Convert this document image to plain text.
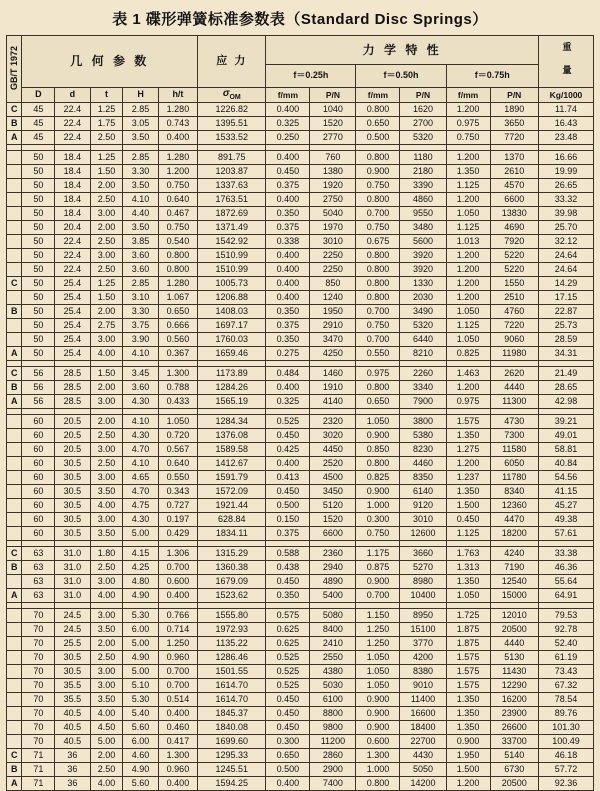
表 1 碟形弹簧标准参数表（Standard Disc Springs）
GB/T 1972	几 何 参 数					应 力	力 学 特 性						重 量
							f＝0.25h		f＝0.50h		f＝0.75h		
	D	d	t	H	h/t	$\sigma_{OM}$	f/mm	P/N	f/mm	P/N	f/mm	P/N	Kg/1000
C	45	22.4	1.25	2.85	1.280	1226.82	0.400	1040	0.800	1620	1.200	1890	11.74
B	45	22.4	1.75	3.05	0.743	1395.51	0.325	1520	0.650	2700	0.975	3650	16.43
A	45	22.4	2.50	3.50	0.400	1533.52	0.250	2770	0.500	5320	0.750	7720	23.48

	50	18.4	1.25	2.85	1.280	891.75	0.400	760	0.800	1180	1.200	1370	16.66
	50	18.4	1.50	3.30	1.200	1203.87	0.450	1380	0.900	2180	1.350	2610	19.99
	50	18.4	2.00	3.50	0.750	1337.63	0.375	1920	0.750	3390	1.125	4570	26.65
	50	18.4	2.50	4.10	0.640	1763.51	0.400	2750	0.800	4860	1.200	6600	33.32
	50	18.4	3.00	4.40	0.467	1872.69	0.350	5040	0.700	9550	1.050	13830	39.98
	50	20.4	2.00	3.50	0.750	1371.49	0.375	1970	0.750	3480	1.125	4690	25.70
	50	22.4	2.50	3.85	0.540	1542.92	0.338	3010	0.675	5600	1.013	7920	32.12
	50	22.4	3.00	3.60	0.800	1510.99	0.400	2250	0.800	3920	1.200	5220	24.64
	50	22.4	2.50	3.60	0.800	1510.99	0.400	2250	0.800	3920	1.200	5220	24.64
C	50	25.4	1.25	2.85	1.280	1005.73	0.400	850	0.800	1330	1.200	1550	14.29
	50	25.4	1.50	3.10	1.067	1206.88	0.400	1240	0.800	2030	1.200	2510	17.15
B	50	25.4	2.00	3.30	0.650	1408.03	0.350	1950	0.700	3490	1.050	4760	22.87
	50	25.4	2.75	3.75	0.666	1697.17	0.375	2910	0.750	5320	1.125	7220	25.73
	50	25.4	3.00	3.90	0.560	1760.03	0.350	3470	0.700	6440	1.050	9060	28.59
A	50	25.4	4.00	4.10	0.367	1659.46	0.275	4250	0.550	8210	0.825	11980	34.31

C	56	28.5	1.50	3.45	1.300	1173.89	0.484	1460	0.975	2260	1.463	2620	21.49
B	56	28.5	2.00	3.60	0.788	1284.26	0.400	1910	0.800	3340	1.200	4440	28.65
A	56	28.5	3.00	4.30	0.433	1565.19	0.325	4140	0.650	7900	0.975	11300	42.98

	60	20.5	2.00	4.10	1.050	1284.34	0.525	2320	1.050	3800	1.575	4730	39.21
	60	20.5	2.50	4.30	0.720	1376.08	0.450	3020	0.900	5380	1.350	7300	49.01
	60	20.5	3.00	4.70	0.567	1589.58	0.425	4450	0.850	8230	1.275	11580	58.81
	60	30.5	2.50	4.10	0.640	1412.67	0.400	2520	0.800	4460	1.200	6050	40.84
	60	30.5	3.00	4.65	0.550	1591.79	0.413	4500	0.825	8350	1.237	11780	54.56
	60	30.5	3.50	4.70	0.343	1572.09	0.450	3450	0.900	6140	1.350	8340	41.15
	60	30.5	4.00	4.75	0.727	1921.44	0.500	5120	1.000	9120	1.500	12360	45.27
	60	30.5	3.00	4.30	0.197	628.84	0.150	1520	0.300	3010	0.450	4470	49.38
	60	30.5	3.50	5.00	0.429	1834.11	0.375	6600	0.750	12600	1.125	18200	57.61

C	63	31.0	1.80	4.15	1.306	1315.29	0.588	2360	1.175	3660	1.763	4240	33.38
B	63	31.0	2.50	4.25	0.700	1360.38	0.438	2940	0.875	5270	1.313	7190	46.36
	63	31.0	3.00	4.80	0.600	1679.09	0.450	4890	0.900	8980	1.350	12540	55.64
A	63	31.0	4.00	4.90	0.400	1523.62	0.350	5400	0.700	10400	1.050	15000	64.91

	70	24.5	3.00	5.30	0.766	1555.80	0.575	5080	1.150	8950	1.725	12010	79.53
	70	24.5	3.50	6.00	0.714	1972.93	0.625	8400	1.250	15100	1.875	20500	92.78
	70	25.5	2.00	5.00	1.250	1135.22	0.625	2410	1.250	3770	1.875	4440	52.40
	70	30.5	2.50	4.90	0.960	1286.46	0.525	2550	1.050	4200	1.575	5130	61.19
	70	30.5	3.00	5.00	0.700	1501.55	0.525	4380	1.050	8380	1.575	11430	73.43
	70	35.5	3.00	5.10	0.700	1614.70	0.525	5030	1.050	9010	1.575	12290	67.32
	70	35.5	3.50	5.30	0.514	1614.70	0.450	6100	0.900	11400	1.350	16200	78.54
	70	40.5	4.00	5.40	0.400	1845.37	0.450	8800	0.900	16600	1.350	23900	89.76
	70	40.5	4.50	5.60	0.460	1840.08	0.450	9800	0.900	18400	1.350	26600	101.30
	70	40.5	5.00	6.00	0.417	1699.60	0.300	11200	0.600	22700	0.900	33700	100.49
C	71	36	2.00	4.60	1.300	1295.33	0.650	2860	1.300	4430	1.950	5140	46.18
B	71	36	2.50	4.90	0.960	1245.51	0.500	2900	1.000	5050	1.500	6730	57.72
A	71	36	4.00	5.60	0.400	1594.25	0.400	7400	0.800	14200	1.200	20500	92.36
